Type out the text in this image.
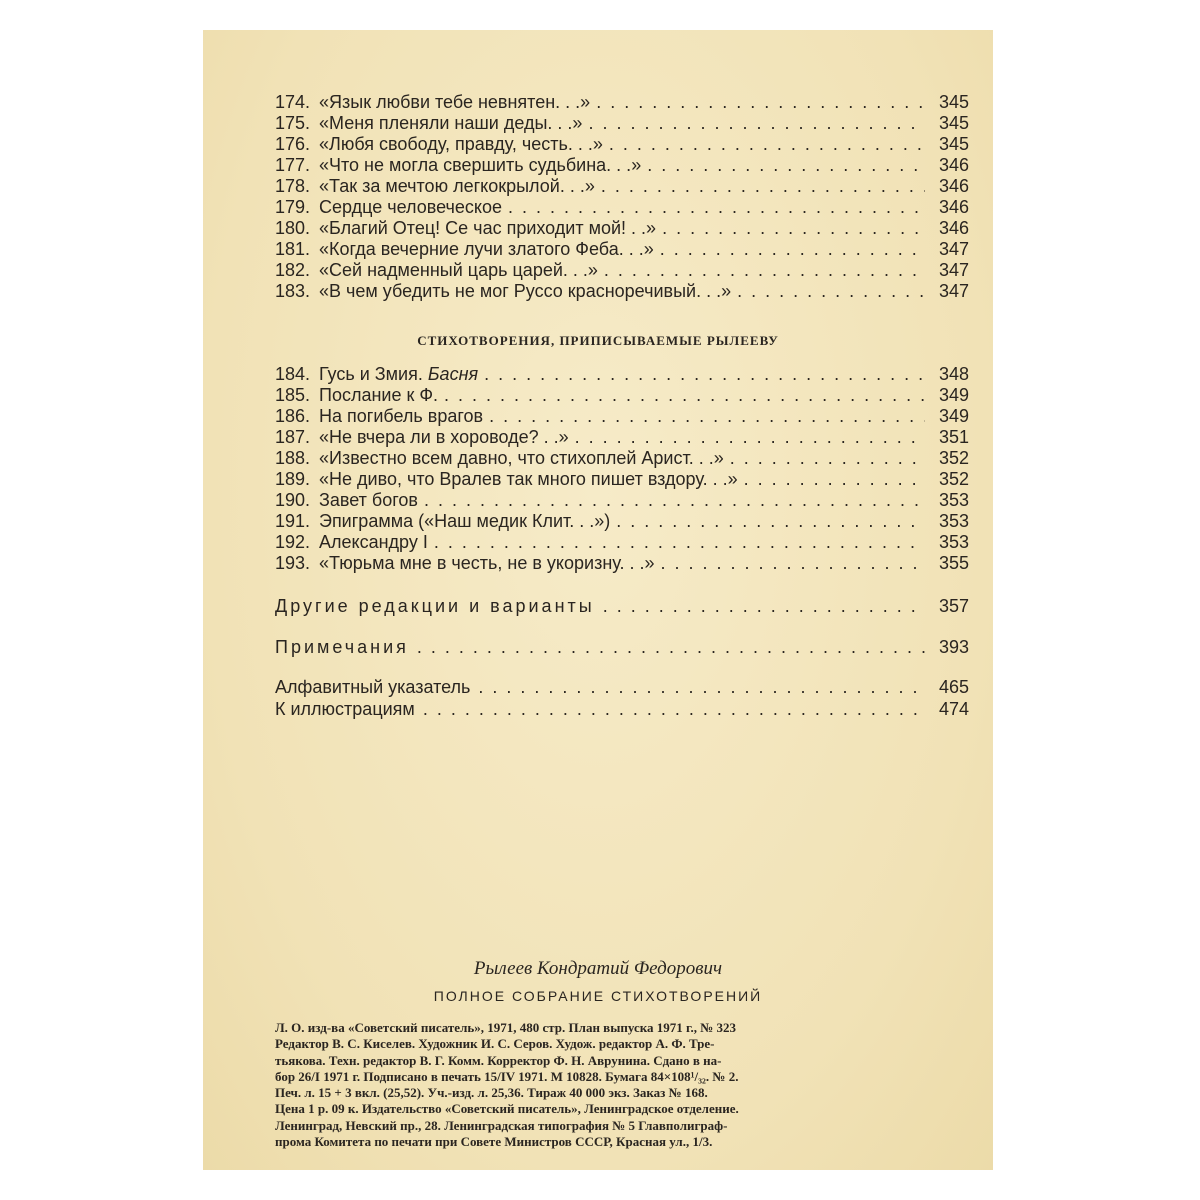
174. «Язык любви тебе невнятен. . .» . . .	345
175. «Меня пленяли наши деды. . .» . . .	345
176. «Любя свободу, правду, честь. . .» . . .	345
177. «Что не могла свершить судьбина. . .» . . .	346
178. «Так за мечтою легкокрылой. . .» . . .	346
179. Сердце человеческое . . .	346
180. «Благий Отец! Се час приходит мой! . .» . . .	346
181. «Когда вечерние лучи златого Феба. . .» . . .	347
182. «Сей надменный царь царей. . .» . . .	347
183. «В чем убедить не мог Руссо красноречивый. . .» . . .	347
СТИХОТВОРЕНИЯ, ПРИПИСЫВАЕМЫЕ РЫЛЕЕВУ
184. Гусь и Змия. Басня . . .	348
185. Послание к Ф. . . .	349
186. На погибель врагов . . .	349
187. «Не вчера ли в хороводе? . .» . . .	351
188. «Известно всем давно, что стихоплей Арист. . .» . . .	352
189. «Не диво, что Вралев так много пишет вздору. . .» . . .	352
190. Завет богов . . .	353
191. Эпиграмма («Наш медик Клит. . .») . . .	353
192. Александру I . . .	353
193. «Тюрьма мне в честь, не в укоризну. . .» . . .	355
Другие редакции и варианты . . .	357
Примечания . . .	393
Алфавитный указатель . . .	465
К иллюстрациям . . .	474
Рылеев Кондратий Федорович
ПОЛНОЕ СОБРАНИЕ СТИХОТВОРЕНИЙ
Л. О. изд-ва «Советский писатель», 1971, 480 стр. План выпуска 1971 г., № 323
Редактор В. С. Киселев. Художник И. С. Серов. Худож. редактор А. Ф. Тре-
тьякова. Техн. редактор В. Г. Комм. Корректор Ф. Н. Аврунина. Сдано в на-
бор 26/I 1971 г. Подписано в печать 15/IV 1971. М 10828. Бумага 84×108¹/₃₂. № 2.
Печ. л. 15 + 3 вкл. (25,52). Уч.-изд. л. 25,36. Тираж 40 000 экз. Заказ № 168.
Цена 1 р. 09 к. Издательство «Советский писатель», Ленинградское отделение.
Ленинград, Невский пр., 28. Ленинградская типография № 5 Главполиграф-
прома Комитета по печати при Совете Министров СССР, Красная ул., 1/3.
